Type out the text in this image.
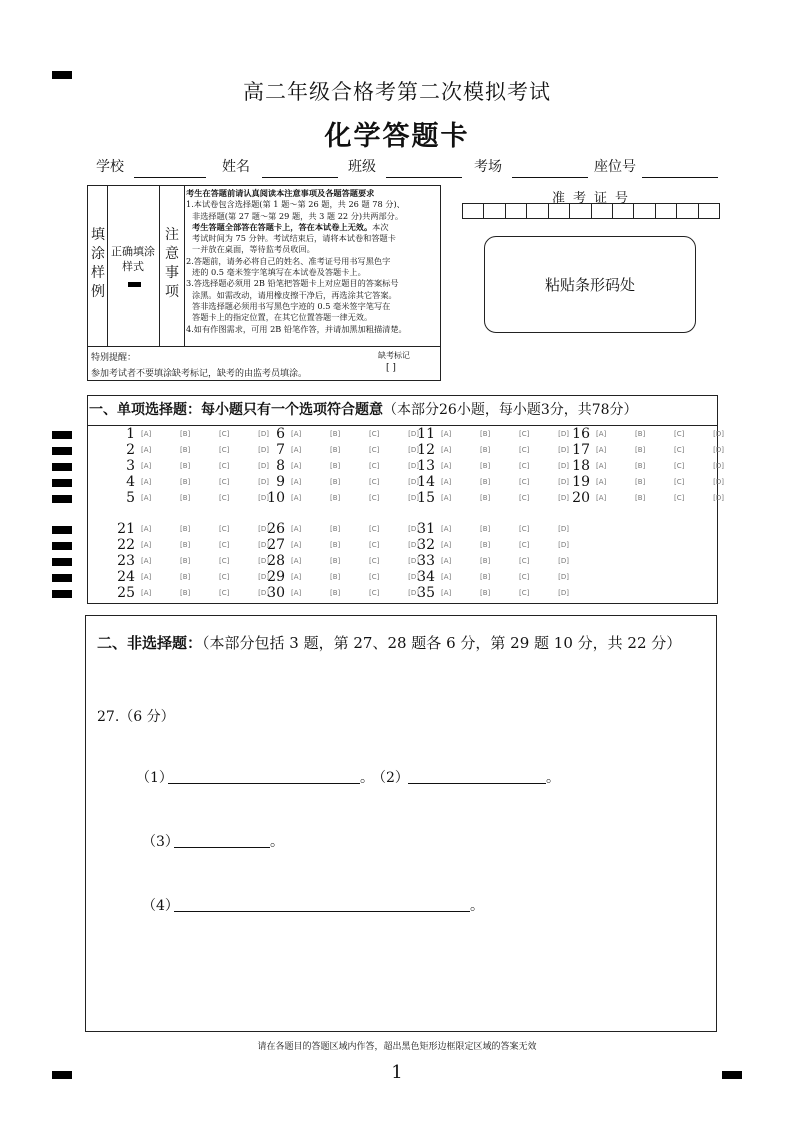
高二年级合格考第二次模拟考试
化学答题卡
学校	姓名	班级	考场	座位号
填
涂
样
例
正确填涂
样式
注
意
事
项

考生在答题前请认真阅读本注意事项及各题答题要求

1.本试卷包含选择题(第 1 题～第 26 题，共 26 题 78 分)、

非选择题(第 27 题～第 29 题，共 3 题 22 分)共两部分。

考生答题全部答在答题卡上，答在本试卷上无效。本次

考试时间为 75 分钟。考试结束后，请将本试卷和答题卡

一并放在桌面，等待监考员收回。

2.答题前，请务必将自己的姓名、准考证号用书写黑色字

迹的 0.5 毫米签字笔填写在本试卷及答题卡上。

3.答选择题必须用 2B 铅笔把答题卡上对应题目的答案标号

涂黑。如需改动，请用橡皮擦干净后，再选涂其它答案。

答非选择题必须用书写黑色字迹的 0.5 毫米签字笔写在

答题卡上的指定位置，在其它位置答题一律无效。

4.如有作图需求，可用 2B 铅笔作答，并请加黑加粗描清楚。

特别提醒：	缺考标记
[ ]
参加考试者不要填涂缺考标记，缺考的由监考员填涂。
准考证号
粘贴条形码处
一、单项选择题：每小题只有一个选项符合题意（本部分26小题，每小题3分，共78分）
1 [A]	[B]	[C]	[D]
2 [A]	[B]	[C]	[D]
3 [A]	[B]	[C]	[D]
4 [A]	[B]	[C]	[D]
5 [A]	[B]	[C]	[D]
6 [A]	[B]	[C]	[D]
7 [A]	[B]	[C]	[D]
8 [A]	[B]	[C]	[D]
9 [A]	[B]	[C]	[D]
10 [A]	[B]	[C]	[D]
11 [A]	[B]	[C]	[D]
12 [A]	[B]	[C]	[D]
13 [A]	[B]	[C]	[D]
14 [A]	[B]	[C]	[D]
15 [A]	[B]	[C]	[D]
16 [A]	[B]	[C]	[D]
17 [A]	[B]	[C]	[D]
18 [A]	[B]	[C]	[D]
19 [A]	[B]	[C]	[D]
20 [A]	[B]	[C]	[D]
21 [A]	[B]	[C]	[D]
22 [A]	[B]	[C]	[D]
23 [A]	[B]	[C]	[D]
24 [A]	[B]	[C]	[D]
25 [A]	[B]	[C]	[D]
26 [A]	[B]	[C]	[D]
27 [A]	[B]	[C]	[D]
28 [A]	[B]	[C]	[D]
29 [A]	[B]	[C]	[D]
30 [A]	[B]	[C]	[D]
31 [A]	[B]	[C]	[D]
32 [A]	[B]	[C]	[D]
33 [A]	[B]	[C]	[D]
34 [A]	[B]	[C]	[D]
35 [A]	[B]	[C]	[D]
二、非选择题：（本部分包括 3 题，第 27、28 题各 6 分，第 29 题 10 分，共 22 分）
27.（6 分）
（1）	。
（2）	。
（3）	。
（4）	。
请在各题目的答题区域内作答，超出黑色矩形边框限定区域的答案无效
1
